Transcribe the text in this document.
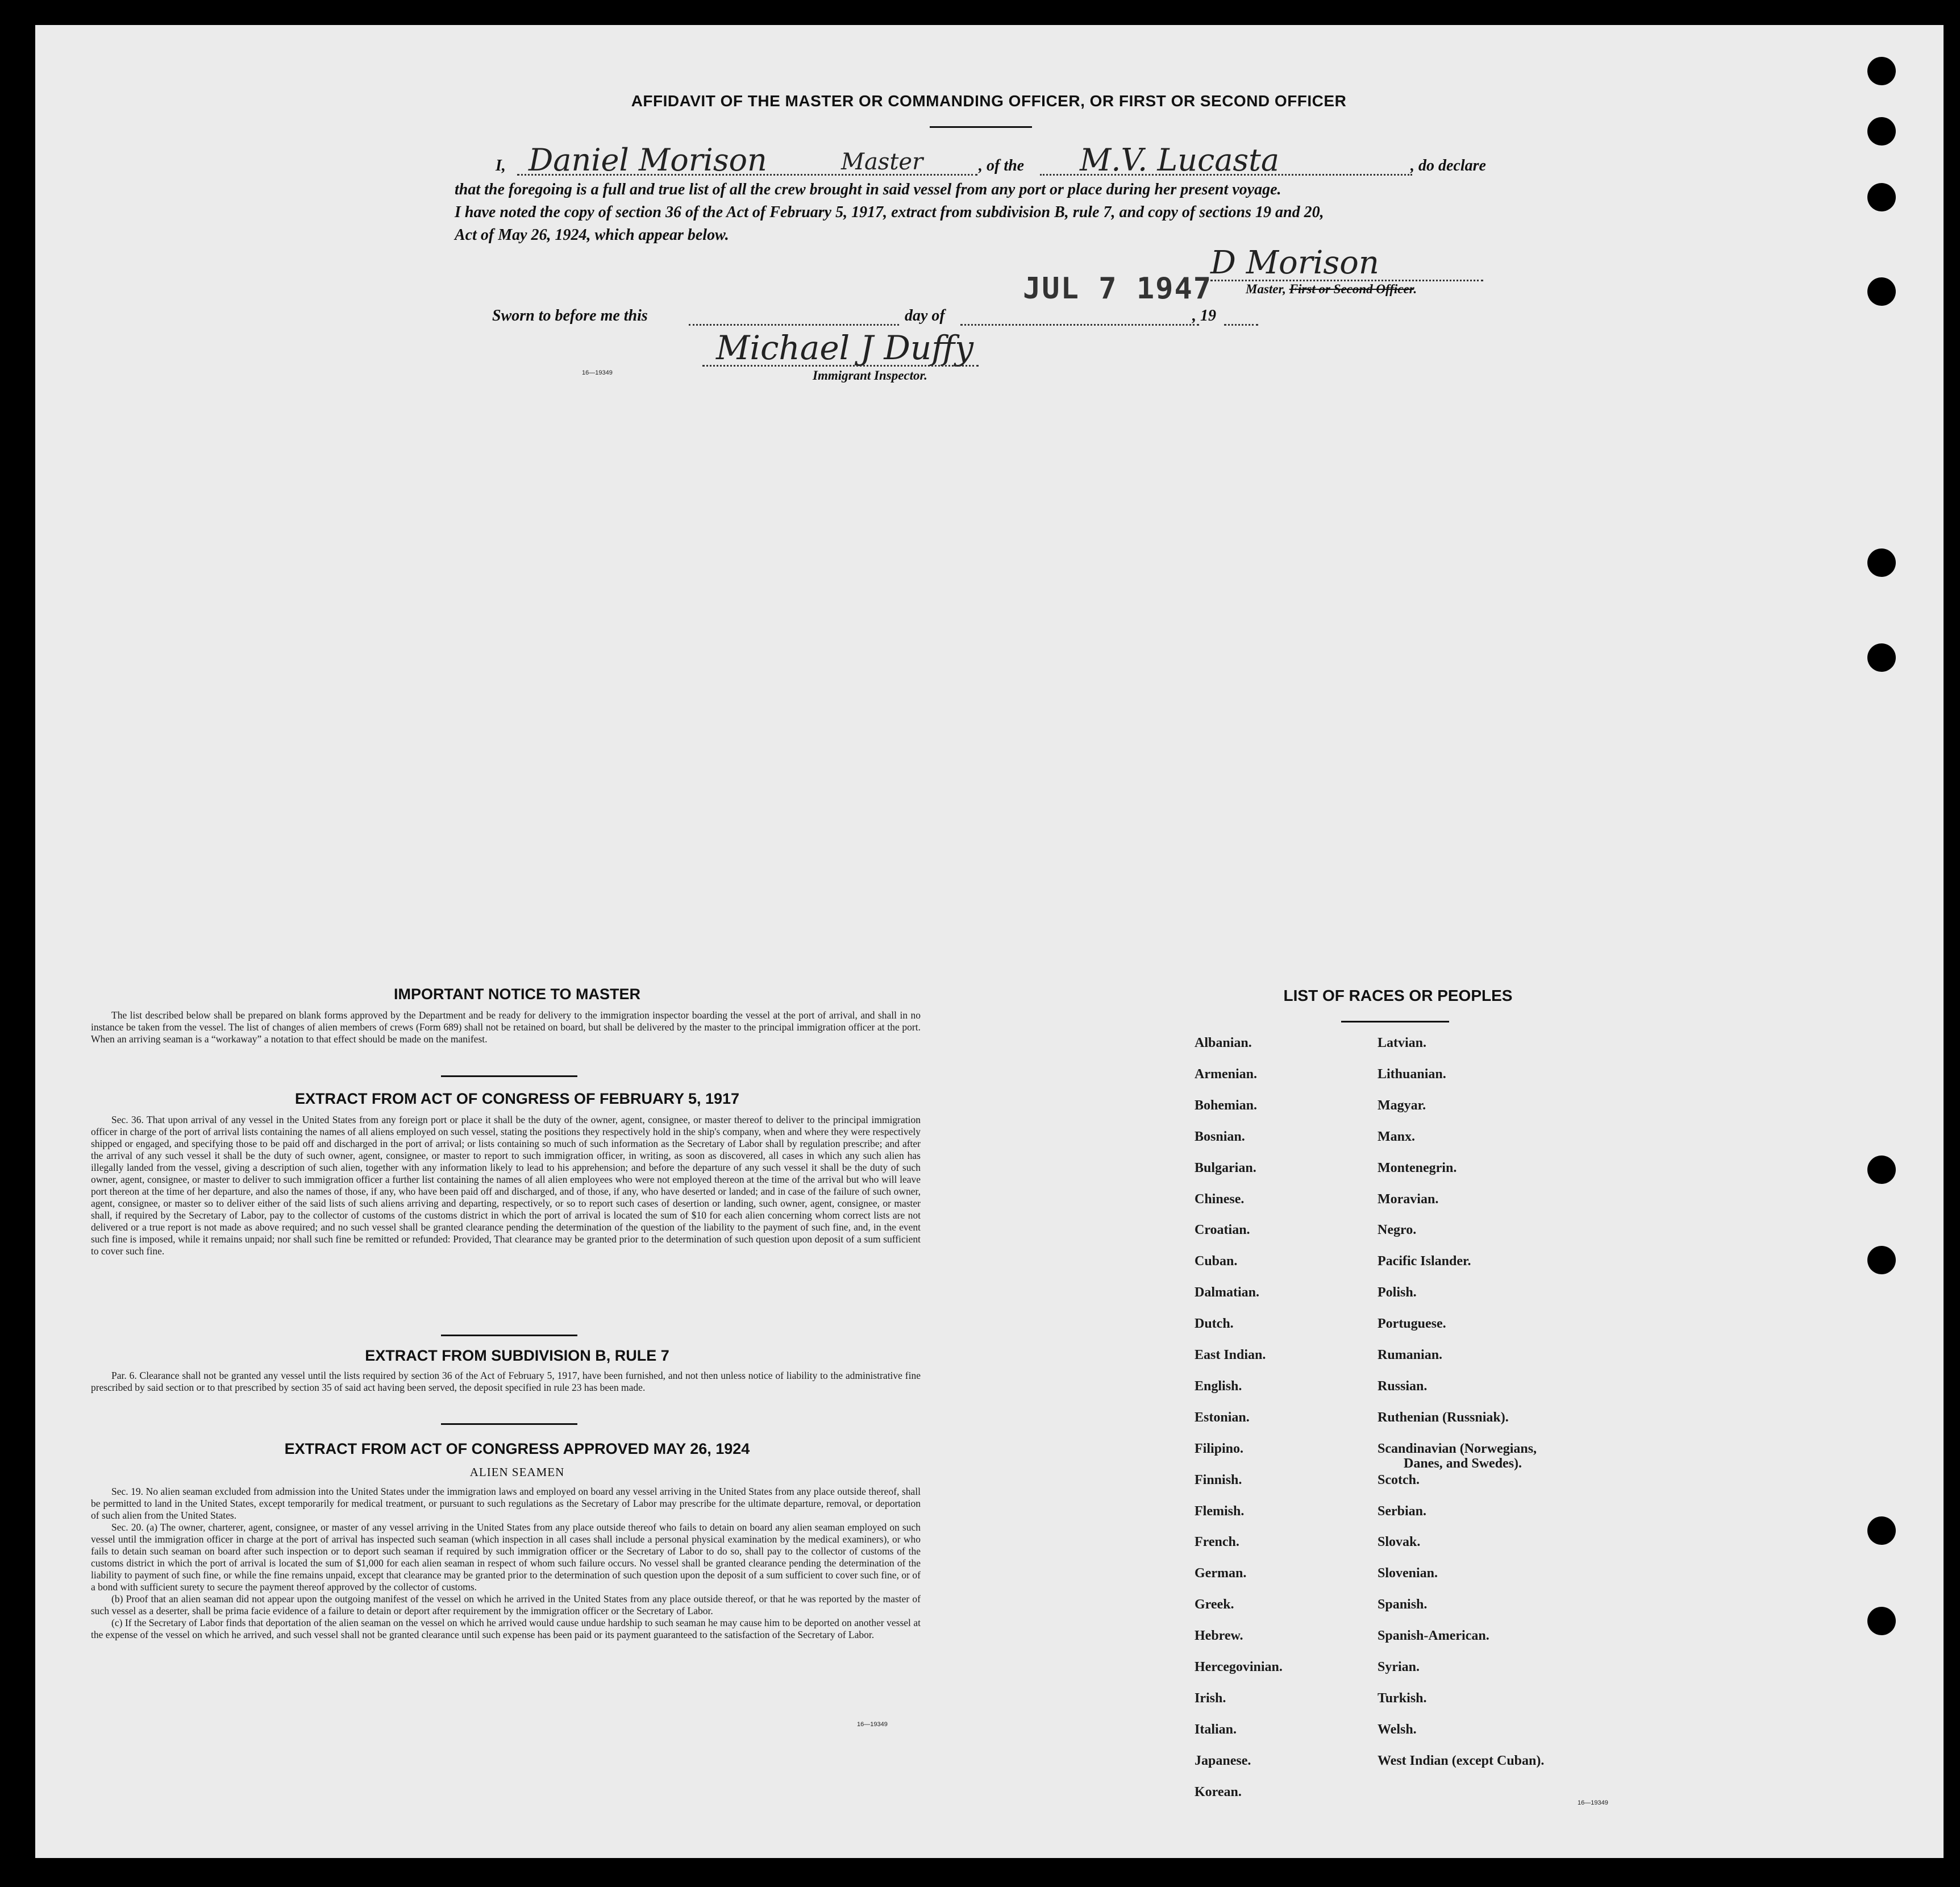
AFFIDAVIT OF THE MASTER OR COMMANDING OFFICER, OR FIRST OR SECOND OFFICER
I, Daniel Morison	Master	, of the M.V. Lucasta	, do declare
that the foregoing is a full and true list of all the crew brought in said vessel from any port or place during her present voyage.
I have noted the copy of section 36 of the Act of February 5, 1917, extract from subdivision B, rule 7, and copy of sections 19 and 20,
Act of May 26, 1924, which appear below.
JUL 7 1947
D Morison
Master, First or Second Officer.
Sworn to before me this	day of	, 19
Michael J Duffy
Immigrant Inspector.
16—19349
IMPORTANT NOTICE TO MASTER

The list described below shall be prepared on blank forms approved by the Department and be ready for delivery to the immigration inspector boarding the vessel at the port of arrival, and shall in no instance be taken from the vessel. The list of changes of alien members of crews (Form 689) shall not be retained on board, but shall be delivered by the master to the principal immigration officer at the port. When an arriving seaman is a “workaway” a notation to that effect should be made on the manifest.

EXTRACT FROM ACT OF CONGRESS OF FEBRUARY 5, 1917

Sec. 36. That upon arrival of any vessel in the United States from any foreign port or place it shall be the duty of the owner, agent, consignee, or master thereof to deliver to the principal immigration officer in charge of the port of arrival lists containing the names of all aliens employed on such vessel, stating the positions they respectively hold in the ship's company, when and where they were respectively shipped or engaged, and specifying those to be paid off and discharged in the port of arrival; or lists containing so much of such information as the Secretary of Labor shall by regulation prescribe; and after the arrival of any such vessel it shall be the duty of such owner, agent, consignee, or master to report to such immigration officer, in writing, as soon as discovered, all cases in which any such alien has illegally landed from the vessel, giving a description of such alien, together with any information likely to lead to his apprehension; and before the departure of any such vessel it shall be the duty of such owner, agent, consignee, or master to deliver to such immigration officer a further list containing the names of all alien employees who were not employed thereon at the time of the arrival but who will leave port thereon at the time of her departure, and also the names of those, if any, who have been paid off and discharged, and of those, if any, who have deserted or landed; and in case of the failure of such owner, agent, consignee, or master so to deliver either of the said lists of such aliens arriving and departing, respectively, or so to report such cases of desertion or landing, such owner, agent, consignee, or master shall, if required by the Secretary of Labor, pay to the collector of customs of the customs district in which the port of arrival is located the sum of $10 for each alien concerning whom correct lists are not delivered or a true report is not made as above required; and no such vessel shall be granted clearance pending the determination of the question of the liability to the payment of such fine, and, in the event such fine is imposed, while it remains unpaid; nor shall such fine be remitted or refunded: Provided, That clearance may be granted prior to the determination of such question upon deposit of a sum sufficient to cover such fine.

EXTRACT FROM SUBDIVISION B, RULE 7

Par. 6. Clearance shall not be granted any vessel until the lists required by section 36 of the Act of February 5, 1917, have been furnished, and not then unless notice of liability to the administrative fine prescribed by said section or to that prescribed by section 35 of said act having been served, the deposit specified in rule 23 has been made.

EXTRACT FROM ACT OF CONGRESS APPROVED MAY 26, 1924
ALIEN SEAMEN

Sec. 19. No alien seaman excluded from admission into the United States under the immigration laws and employed on board any vessel arriving in the United States from any place outside thereof, shall be permitted to land in the United States, except temporarily for medical treatment, or pursuant to such regulations as the Secretary of Labor may prescribe for the ultimate departure, removal, or deportation of such alien from the United States.

Sec. 20. (a) The owner, charterer, agent, consignee, or master of any vessel arriving in the United States from any place outside thereof who fails to detain on board any alien seaman employed on such vessel until the immigration officer in charge at the port of arrival has inspected such seaman (which inspection in all cases shall include a personal physical examination by the medical examiners), or who fails to detain such seaman on board after such inspection or to deport such seaman if required by such immigration officer or the Secretary of Labor to do so, shall pay to the collector of customs of the customs district in which the port of arrival is located the sum of $1,000 for each alien seaman in respect of whom such failure occurs. No vessel shall be granted clearance pending the determination of the liability to payment of such fine, or while the fine remains unpaid, except that clearance may be granted prior to the determination of such question upon the deposit of a sum sufficient to cover such fine, or of a bond with sufficient surety to secure the payment thereof approved by the collector of customs.

(b) Proof that an alien seaman did not appear upon the outgoing manifest of the vessel on which he arrived in the United States from any place outside thereof, or that he was reported by the master of such vessel as a deserter, shall be prima facie evidence of a failure to detain or deport after requirement by the immigration officer or the Secretary of Labor.

(c) If the Secretary of Labor finds that deportation of the alien seaman on the vessel on which he arrived would cause undue hardship to such seaman he may cause him to be deported on another vessel at the expense of the vessel on which he arrived, and such vessel shall not be granted clearance until such expense has been paid or its payment guaranteed to the satisfaction of the Secretary of Labor.

16—19349
LIST OF RACES OR PEOPLES
Albanian.
Armenian.
Bohemian.
Bosnian.
Bulgarian.
Chinese.
Croatian.
Cuban.
Dalmatian.
Dutch.
East Indian.
English.
Estonian.
Filipino.
Finnish.
Flemish.
French.
German.
Greek.
Hebrew.
Hercegovinian.
Irish.
Italian.
Japanese.
Korean.
Latvian.
Lithuanian.
Magyar.
Manx.
Montenegrin.
Moravian.
Negro.
Pacific Islander.
Polish.
Portuguese.
Rumanian.
Russian.
Ruthenian (Russniak).
Scandinavian (Norwegians,
Danes, and Swedes).
Scotch.
Serbian.
Slovak.
Slovenian.
Spanish.
Spanish-American.
Syrian.
Turkish.
Welsh.
West Indian (except Cuban).
16—19349
